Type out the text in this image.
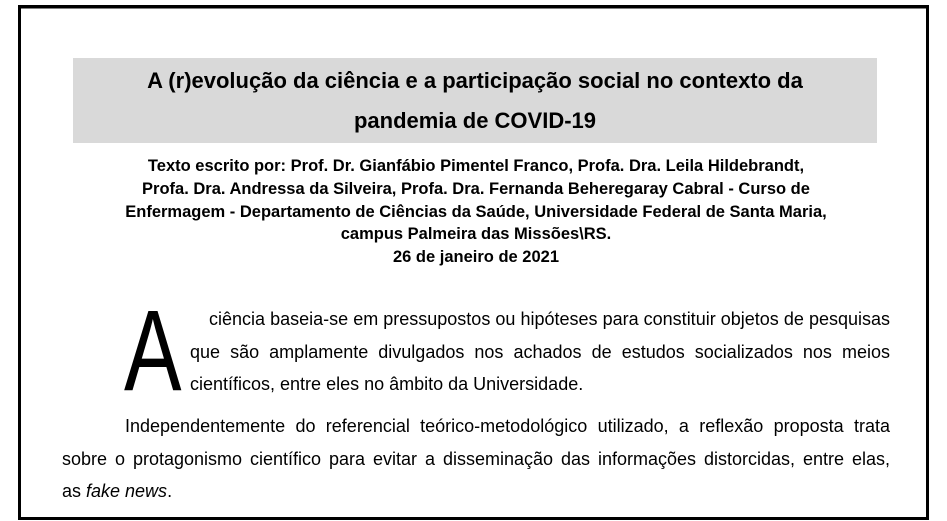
A (r)evolução da ciência e a participação social no contexto da
pandemia de COVID-19
Texto escrito por: Prof. Dr. Gianfábio Pimentel Franco, Profa. Dra. Leila Hildebrandt,
Profa. Dra. Andressa da Silveira, Profa. Dra. Fernanda Beheregaray Cabral - Curso de
Enfermagem - Departamento de Ciências da Saúde, Universidade Federal de Santa Maria,
campus Palmeira das Missões\RS.
26 de janeiro de 2021
A	ciência baseia-se em pressupostos ou hipóteses para constituir objetos de pesquisas
que são amplamente divulgados nos achados de estudos socializados nos meios
científicos, entre eles no âmbito da Universidade.
Independentemente do referencial teórico-metodológico utilizado, a reflexão proposta trata
sobre o protagonismo científico para evitar a disseminação das informações distorcidas, entre elas,
as fake news.
